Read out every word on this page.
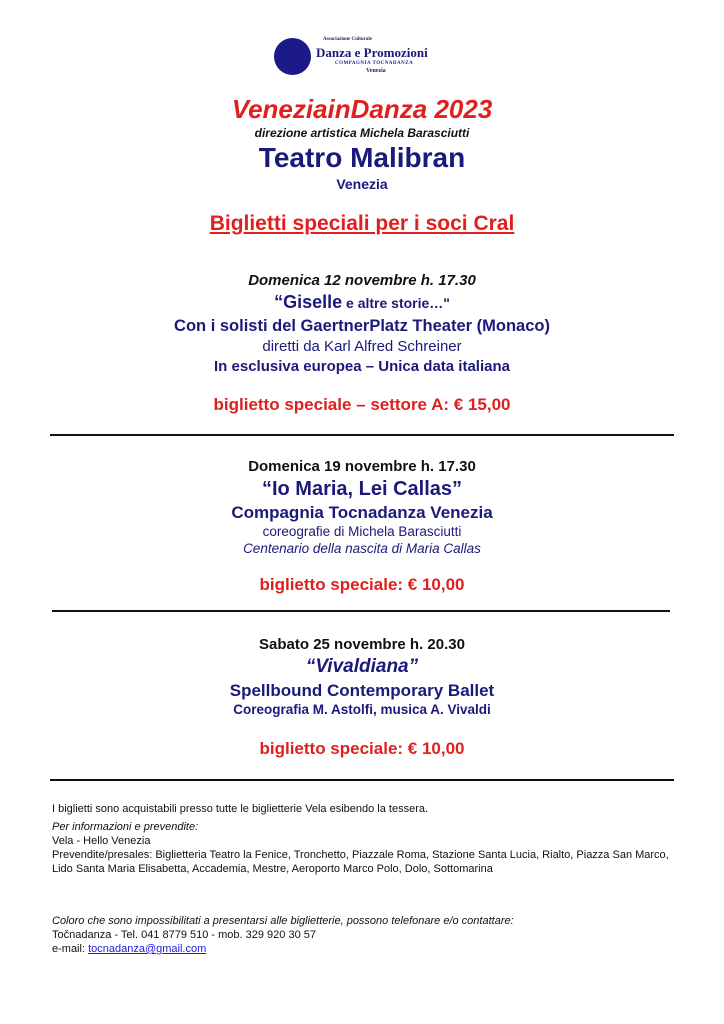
Associazione Culturale
Danza e Promozioni
COMPAGNIA TOCNADANZA
Venezia
VeneziainDanza 2023
direzione artistica Michela Barasciutti
Teatro Malibran
Venezia
Biglietti speciali per i soci Cral
Domenica 12 novembre h. 17.30
“Giselle e altre storie…"
Con i solisti del GaertnerPlatz Theater (Monaco)
diretti da Karl Alfred Schreiner
In esclusiva europea – Unica data italiana
biglietto speciale – settore A: € 15,00
Domenica 19 novembre h. 17.30
“Io Maria, Lei Callas”
Compagnia Tocnadanza Venezia
coreografie di Michela Barasciutti
Centenario della nascita di Maria Callas
biglietto speciale: € 10,00
Sabato 25 novembre h. 20.30
“Vivaldiana”
Spellbound Contemporary Ballet
Coreografia M. Astolfi, musica A. Vivaldi
biglietto speciale: € 10,00
I biglietti sono acquistabili presso tutte le biglietterie Vela esibendo la tessera.
Per informazioni e prevendite:
Vela - Hello Venezia
Prevendite/presales: Biglietteria Teatro la Fenice, Tronchetto, Piazzale Roma, Stazione Santa Lucia, Rialto, Piazza San Marco, Lido Santa Maria Elisabetta, Accademia, Mestre, Aeroporto Marco Polo, Dolo, Sottomarina
Coloro che sono impossibilitati a presentarsi alle biglietterie, possono telefonare e/o contattare:
Točnadanza - Tel. 041 8779 510 - mob. 329 920 30 57
e-mail: tocnadanza@gmail.com
